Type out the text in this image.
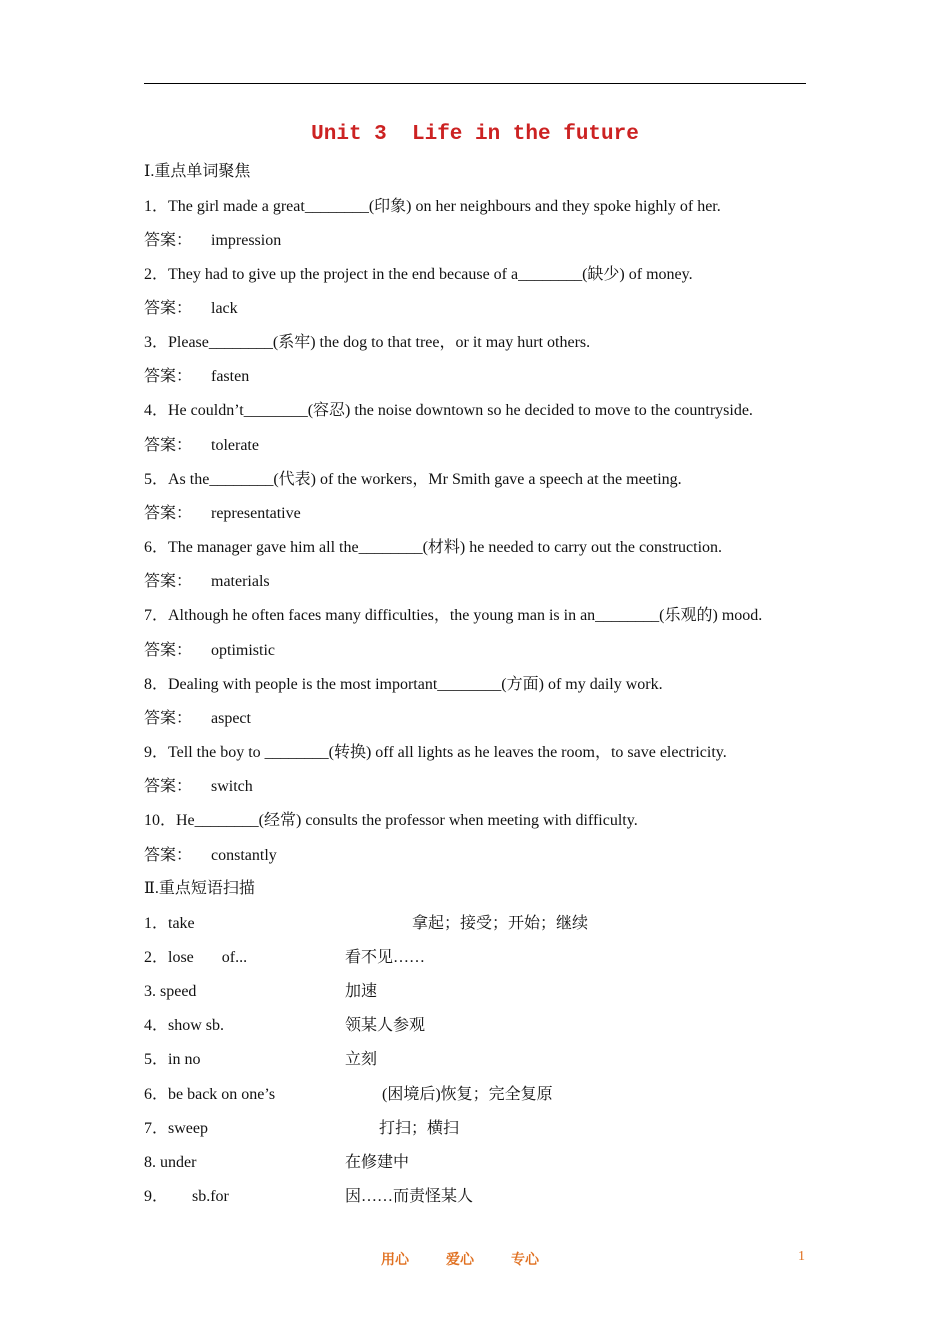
Unit 3  Life in the future
Ⅰ.重点单词聚焦
1．The girl made a great________(印象) on her neighbours and they spoke highly of her.
答案： impression
2．They had to give up the project in the end because of a________(缺少) of money.
答案： lack
3．Please________(系牢) the dog to that tree，or it may hurt others.
答案： fasten
4．He couldn’t________(容忍) the noise downtown so he decided to move to the countryside.
答案： tolerate
5．As the________(代表) of the workers，Mr Smith gave a speech at the meeting.
答案： representative
6．The manager gave him all the________(材料) he needed to carry out the construction.
答案： materials
7．Although he often faces many difficulties，the young man is in an________(乐观的) mood.
答案： optimistic
8．Dealing with people is the most important________(方面) of my daily work.
答案： aspect
9．Tell the boy to ________(转换) off all lights as he leaves the room，to save electricity.
答案： switch
10．He________(经常) consults the professor when meeting with difficulty.
答案： constantly
Ⅱ.重点短语扫描
1．take	拿起；接受；开始；继续
2．lose       of...	看不见……
3. speed	加速
4．show sb.	领某人参观
5．in no	立刻
6．be back on one’s	(困境后)恢复；完全复原
7．sweep	打扫；横扫
8. under	在修建中
9．      sb.for	因……而责怪某人
用心	爱心	专心	1
